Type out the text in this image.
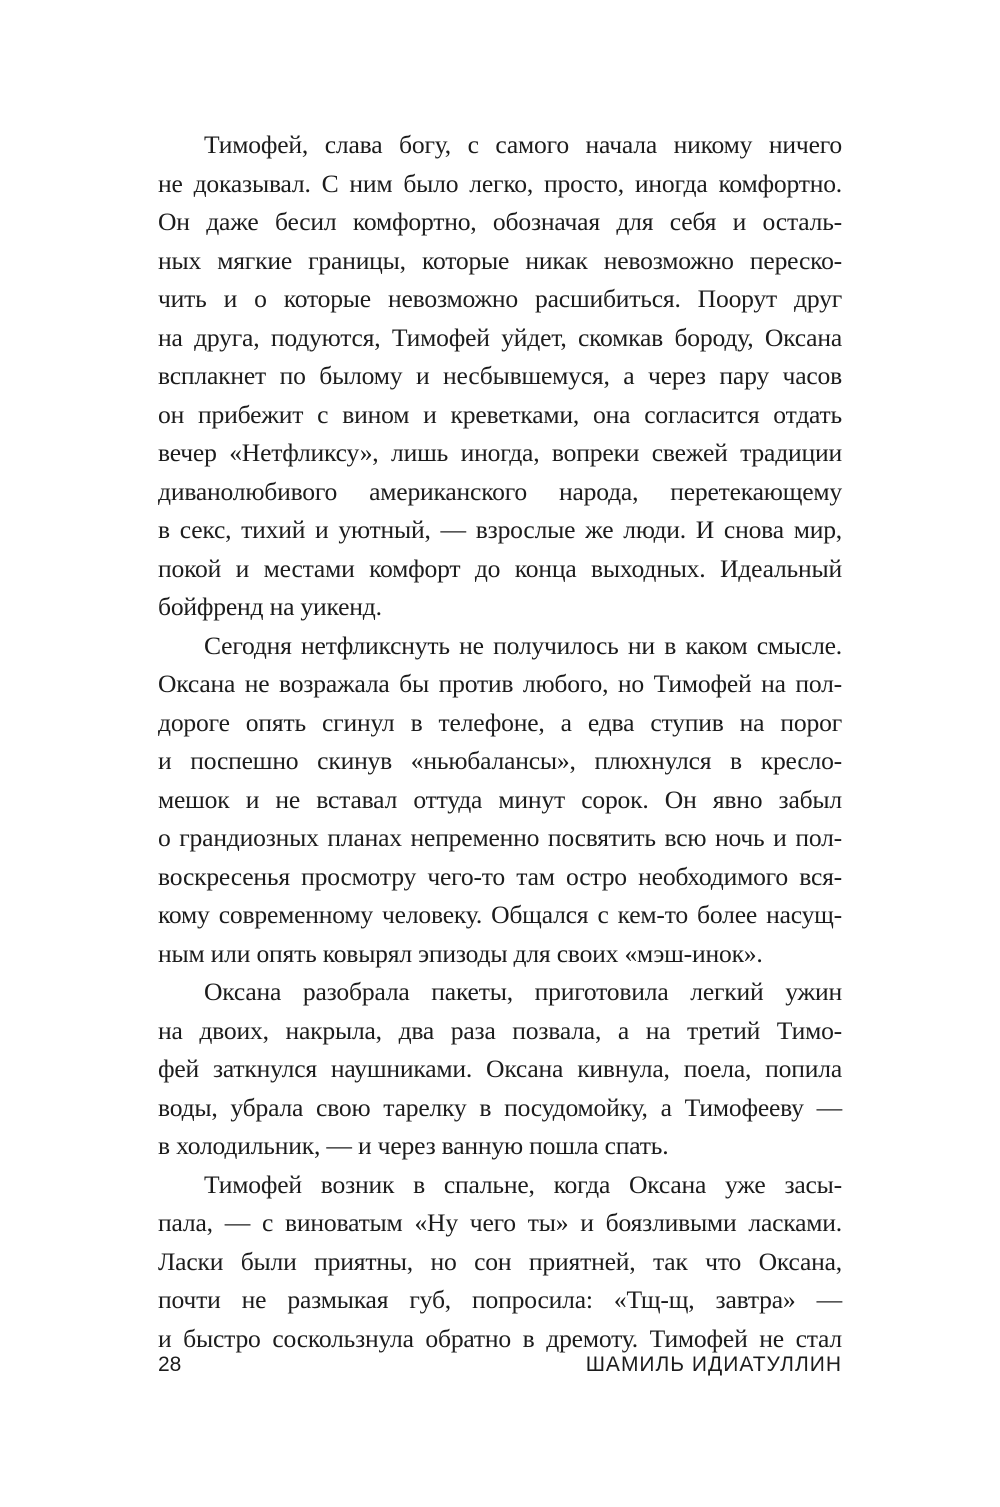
Тимофей, слава богу, с самого начала никому ничего
не доказывал. С ним было легко, просто, иногда комфортно.
Он даже бесил комфортно, обозначая для себя и осталь-
ных мягкие границы, которые никак невозможно переско-
чить и о которые невозможно расшибиться. Поорут друг
на друга, подуются, Тимофей уйдет, скомкав бороду, Оксана
всплакнет по былому и несбывшемуся, а через пару часов
он прибежит с вином и креветками, она согласится отдать
вечер «Нетфликсу», лишь иногда, вопреки свежей традиции
диванолюбивого американского народа, перетекающему
в секс, тихий и уютный, — взрослые же люди. И снова мир,
покой и местами комфорт до конца выходных. Идеальный
бойфренд на уикенд.
Сегодня нетфликснуть не получилось ни в каком смысле.
Оксана не возражала бы против любого, но Тимофей на пол-
дороге опять сгинул в телефоне, а едва ступив на порог
и поспешно скинув «ньюбалансы», плюхнулся в кресло-
мешок и не вставал оттуда минут сорок. Он явно забыл
о грандиозных планах непременно посвятить всю ночь и пол-
воскресенья просмотру чего-то там остро необходимого вся-
кому современному человеку. Общался с кем-то более насущ-
ным или опять ковырял эпизоды для своих «мэш-инок».
Оксана разобрала пакеты, приготовила легкий ужин
на двоих, накрыла, два раза позвала, а на третий Тимо-
фей заткнулся наушниками. Оксана кивнула, поела, попила
воды, убрала свою тарелку в посудомойку, а Тимофееву —
в холодильник, — и через ванную пошла спать.
Тимофей возник в спальне, когда Оксана уже засы-
пала, — с виноватым «Ну чего ты» и боязливыми ласками.
Ласки были приятны, но сон приятней, так что Оксана,
почти не размыкая губ, попросила: «Тщ-щ, завтра» —
и быстро соскользнула обратно в дремоту. Тимофей не стал
28	ШАМИЛЬ ИДИАТУЛЛИН
